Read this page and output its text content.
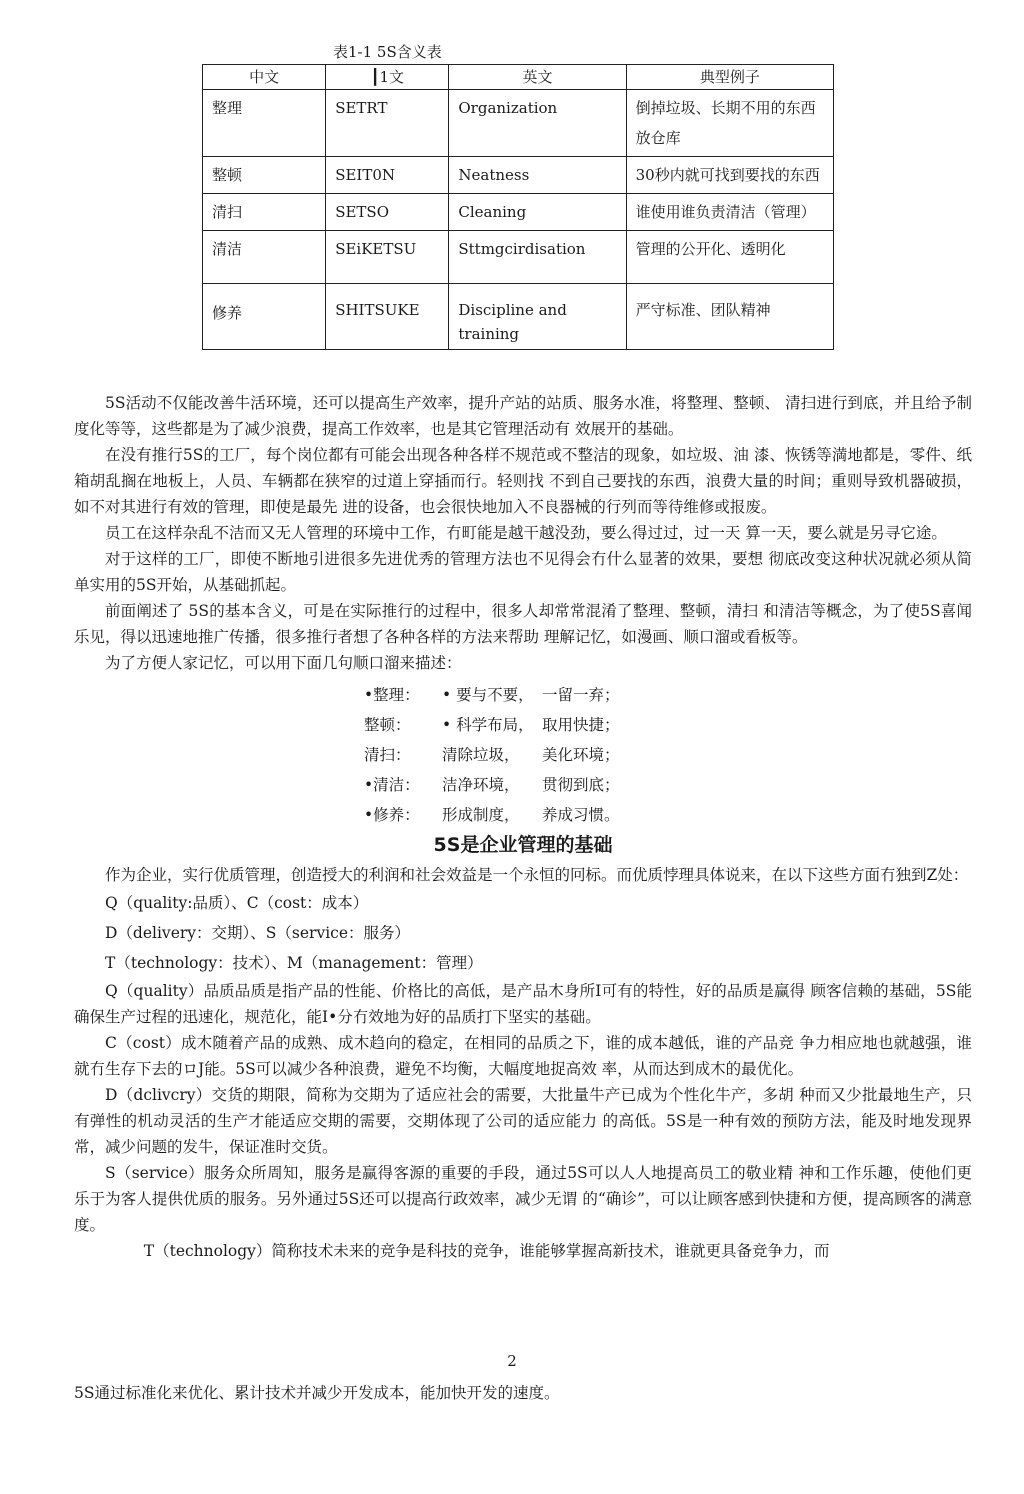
表1-1 5S含义表
中文	┃1文	英文	典型例子
整理	SETRT	Organization	倒掉垃圾、长期不用的东西放仓库
整顿	SEIT0N	Neatness	30秒内就可找到要找的东西
清扫	SETSO	Cleaning	谁使用谁负责清洁（管理）
清洁	SEiKETSU	Sttmgcirdisation	管理的公开化、透明化
修养	SHITSUKE	Discipline and training	严守标准、团队精神

5S活动不仅能改善牛活环境，还可以提高生产效率，提升产站的站质、服务水准，将整理、整顿、 清扫进行到底，并且给予制度化等等，这些都是为了减少浪费，提高工作效率，也是其它管理活动有 效展开的基础。

在没有推行5S的工厂，每个岗位都有可能会出现各种各样不规范或不整洁的现象，如垃圾、油 漆、恢锈等満地都是，零件、纸箱胡乱搁在地板上，人员、车辆都在狭窄的过道上穿插而行。轻则找 不到自己要找的东西，浪费大量的时间；重则导致机器破损，如不对其进行有效的管理，即使是最先 进的设备，也会很快地加入不良器械的行列而等待维修或报废。

员工在这样杂乱不洁而又无人管理的环境中工作，冇町能是越干越没劲，要么得过过，过一天 算一天，要么就是另寻它途。

对于这样的工厂，即使不断地引进很多先进优秀的管理方法也不见得会冇什么显著的效果，要想 彻底改变这种状况就必须从简单实用的5S开始，从基础抓起。

前面阐述了 5S的基本含义，可是在实际推行的过程中，很多人却常常混淆了整理、整顿，清扫 和清洁等概念，为了使5S喜闻乐见，得以迅速地推广传播，很多推行者想了各种各样的方法来帮助 理解记忆，如漫画、顺口溜或看板等。

为了方便人家记忆，可以用下面几句顺口溜来描述：

•整理：	• 要与不要， 一留一弃；
整顿：	• 科学布局， 取用快捷；
清扫：	清除垃圾，	美化环境；
•清洁：	洁净环境，	贯彻到底；
•修养：	形成制度，	养成习惯。
5S是企业管理的基础

作为企业，实行优质管理，创造授大的利润和社会效益是一个永恒的冋标。而优质悖理具体说来，在以下这些方面冇独到Z处：

Q（quality:品质）、C（cost：成本）

D（delivery：交期）、S（service：服务）

T（technology：技术）、M（management：管理）

Q（quality）品质品质是指产品的性能、价格比的高低，是产品木身所I可有的特性，好的品质是赢得 顾客信赖的基础，5S能确保生产过程的迅速化，规范化，能I•分冇效地为好的品质打下坚实的基础。

C（cost）成木随着产品的成熟、成木趋向的稳定，在相同的品质之下，谁的成本越低，谁的产品竞 争力相应地也就越强，谁就冇生存下去的ロJ能。5S可以减少各种浪费，避免不均衡，大幅度地捉高效 率，从而达到成木的最优化。

D（dclivcry）交货的期限，简称为交期为了适应社会的需要，大批量牛产已成为个性化牛产，多胡 种而又少批最地生产，只有弹性的机动灵活的生产才能适应交期的需要，交期体现了公司的适应能力 的高低。5S是一种有效的预防方法，能及时地发现界常，减少问题的发牛，保证准时交货。

S（service）服务众所周知，服务是赢得客源的重要的手段，通过5S可以人人地提高员工的敬业精 神和工作乐趣，使他们更乐于为客人提供优质的服务。另外通过5S还可以提高行政效率，减少无谓 的“确诊”，可以让顾客感到快捷和方便，提高顾客的满意度。

T（technology）简称技术未来的竞争是科技的竞争，谁能够掌握高新技术，谁就更具备竞争力，而

2
5S通过标准化来优化、累计技术并减少开发成本，能加快开发的速度。
